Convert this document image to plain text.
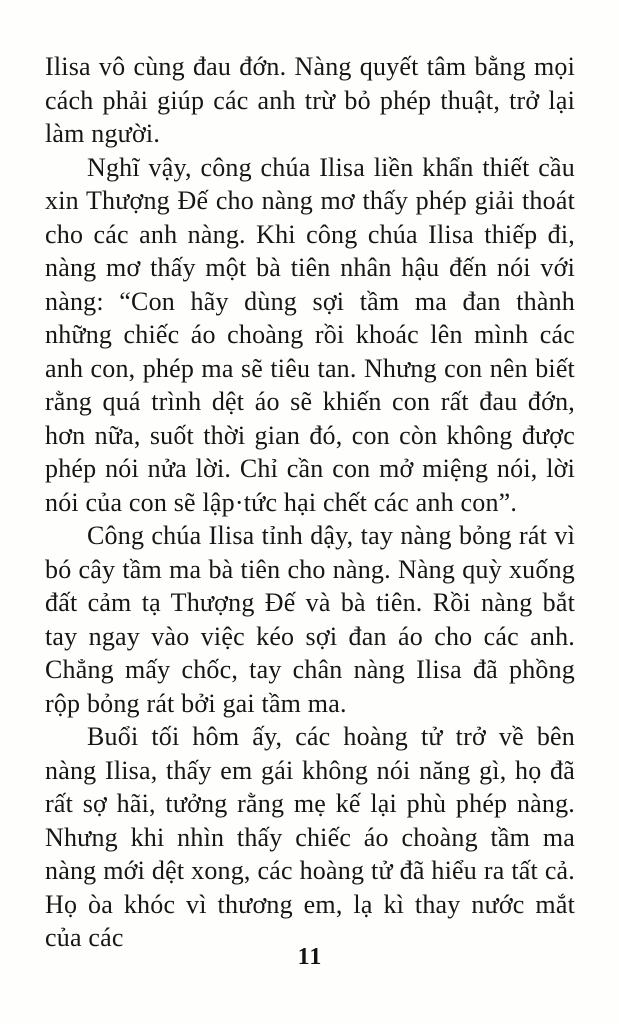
Ilisa vô cùng đau đớn. Nàng quyết tâm bằng mọi cách phải giúp các anh trừ bỏ phép thuật, trở lại làm người.

Nghĩ vậy, công chúa Ilisa liền khẩn thiết cầu xin Thượng Đế cho nàng mơ thấy phép giải thoát cho các anh nàng. Khi công chúa Ilisa thiếp đi, nàng mơ thấy một bà tiên nhân hậu đến nói với nàng: “Con hãy dùng sợi tầm ma đan thành những chiếc áo choàng rồi khoác lên mình các anh con, phép ma sẽ tiêu tan. Nhưng con nên biết rằng quá trình dệt áo sẽ khiến con rất đau đớn, hơn nữa, suốt thời gian đó, con còn không được phép nói nửa lời. Chỉ cần con mở miệng nói, lời nói của con sẽ lập·tức hại chết các anh con”.

Công chúa Ilisa tỉnh dậy, tay nàng bỏng rát vì bó cây tầm ma bà tiên cho nàng. Nàng quỳ xuống đất cảm tạ Thượng Đế và bà tiên. Rồi nàng bắt tay ngay vào việc kéo sợi đan áo cho các anh. Chẳng mấy chốc, tay chân nàng Ilisa đã phồng rộp bỏng rát bởi gai tầm ma.

Buổi tối hôm ấy, các hoàng tử trở về bên nàng Ilisa, thấy em gái không nói năng gì, họ đã rất sợ hãi, tưởng rằng mẹ kế lại phù phép nàng. Nhưng khi nhìn thấy chiếc áo choàng tầm ma nàng mới dệt xong, các hoàng tử đã hiểu ra tất cả. Họ òa khóc vì thương em, lạ kì thay nước mắt của các

11
